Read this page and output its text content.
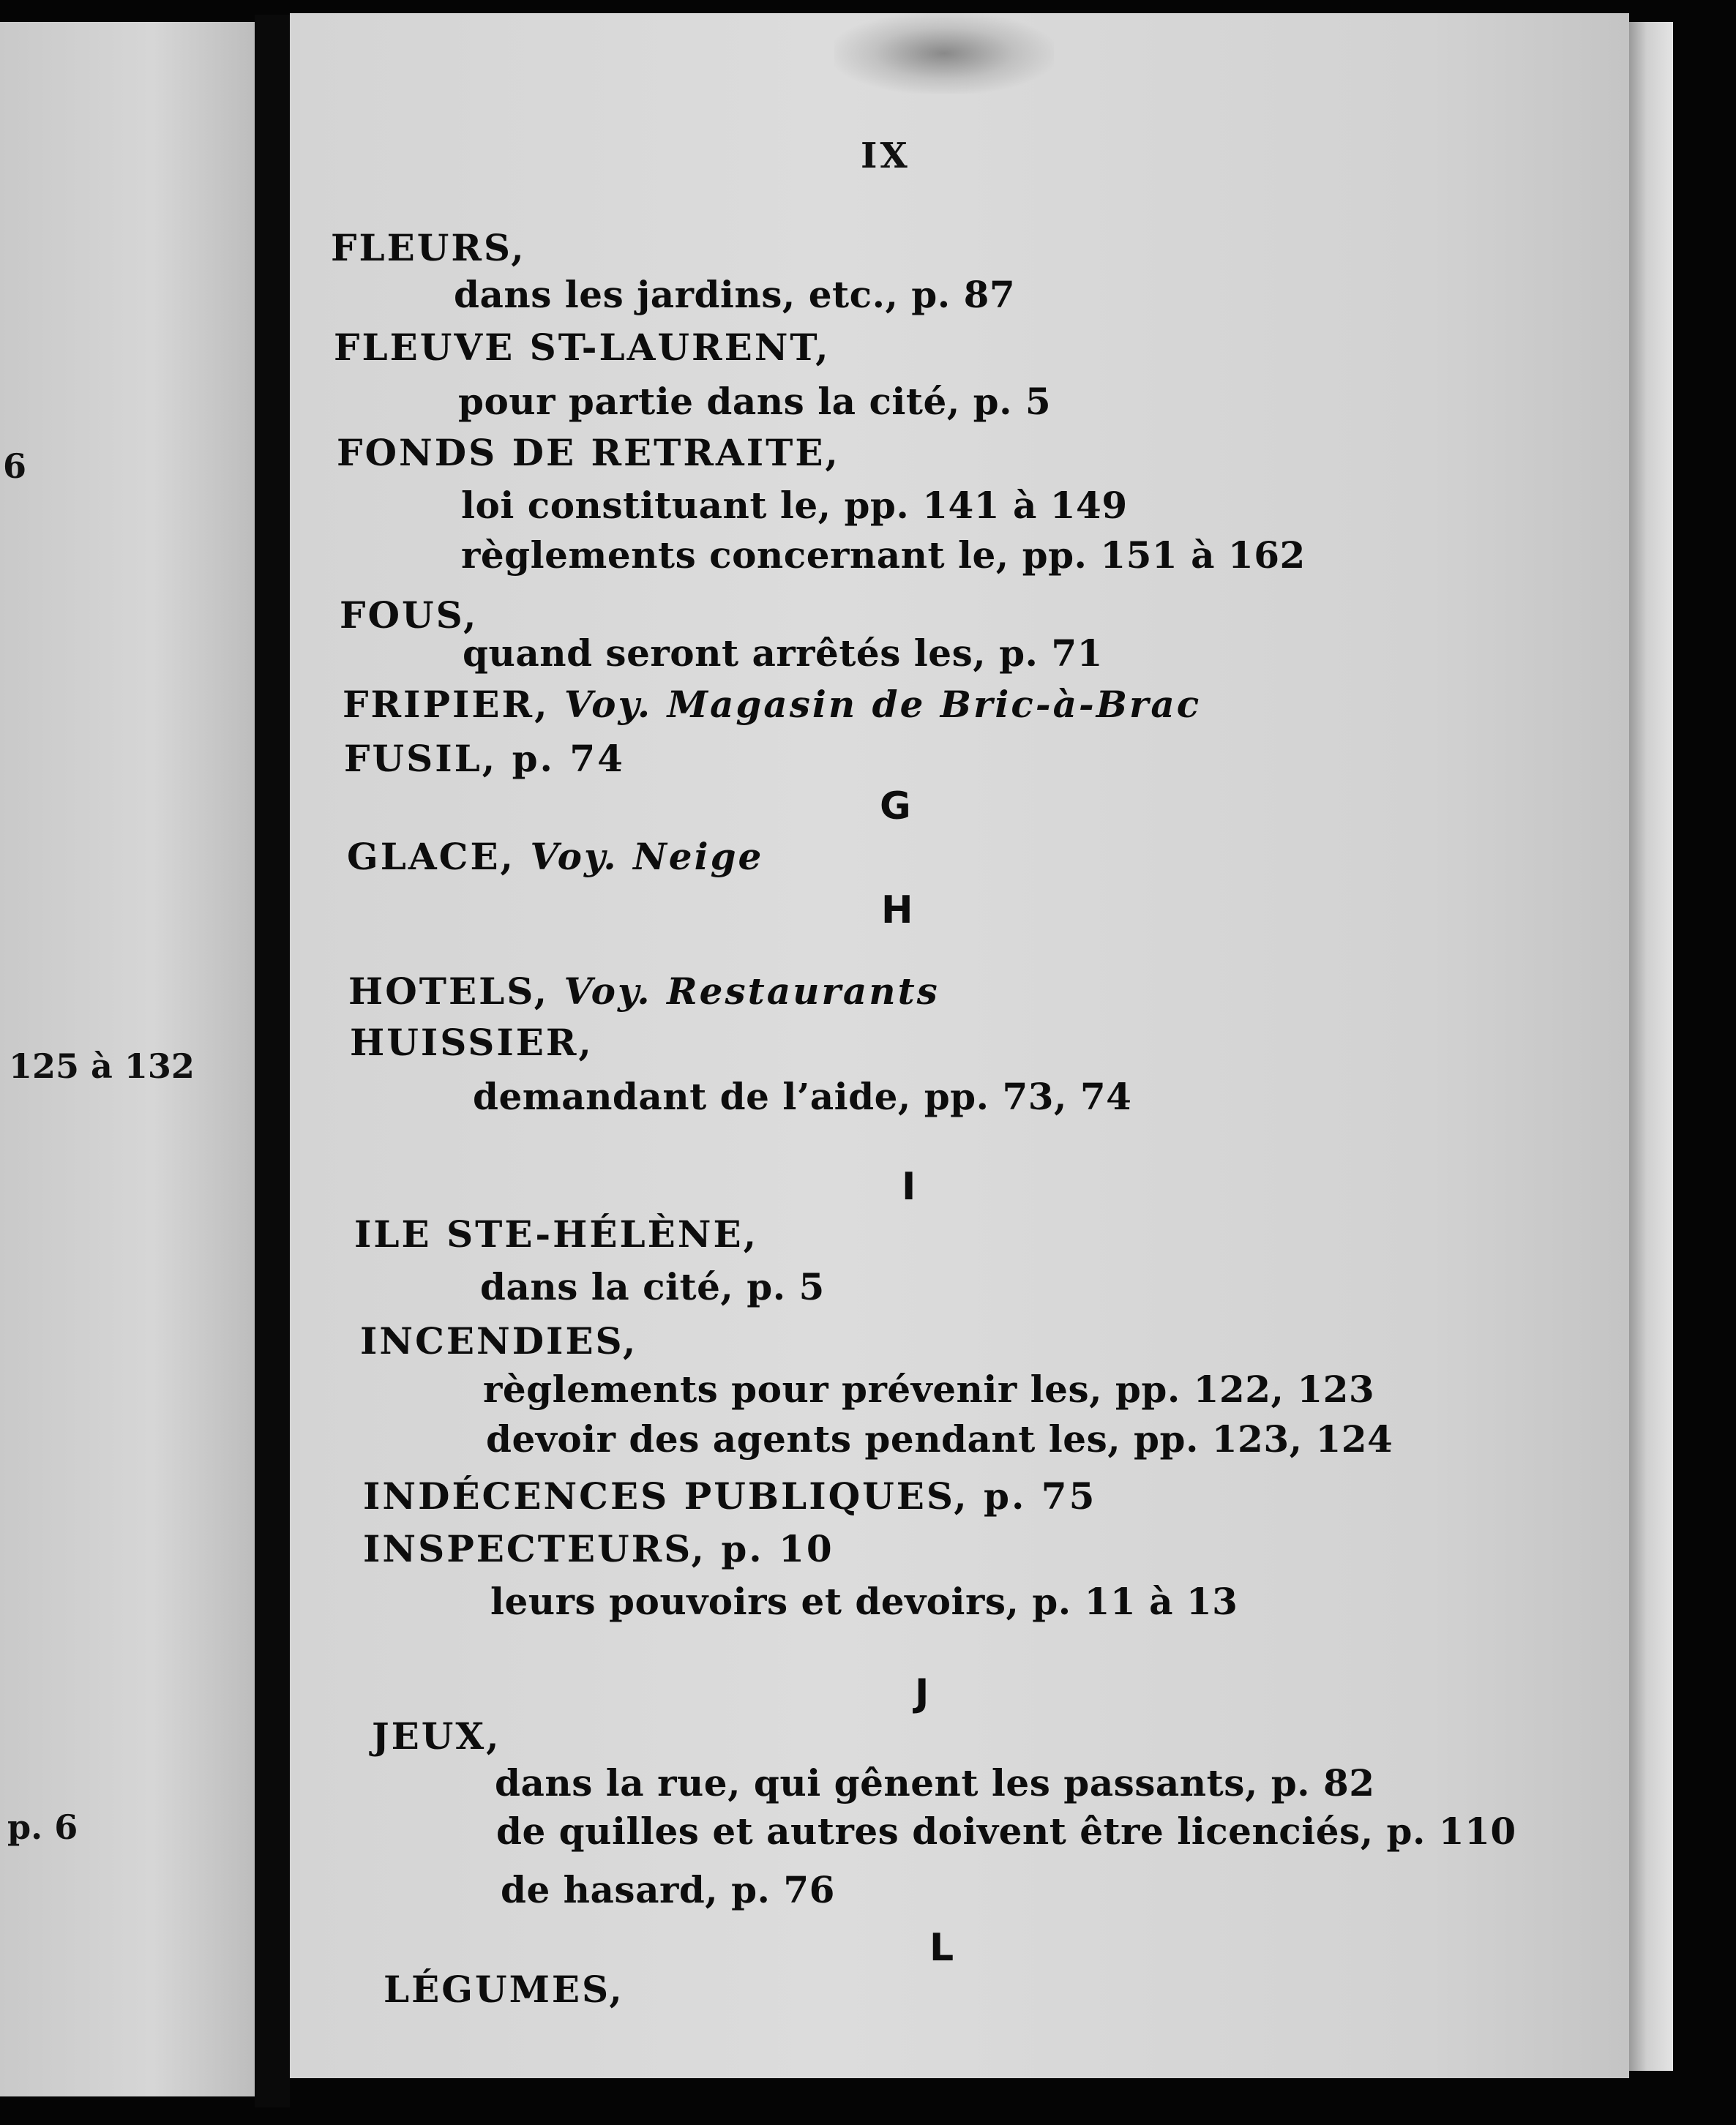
6
125 à 132
p. 6
IX
FLEURS,
dans les jardins, etc., p. 87
FLEUVE ST-LAURENT,
pour partie dans la cité, p. 5
FONDS DE RETRAITE,
loi constituant le, pp. 141 à 149
règlements concernant le, pp. 151 à 162
FOUS,
quand seront arrêtés les, p. 71
FRIPIER, Voy. Magasin de Bric-à-Brac
FUSIL, p. 74
G
GLACE, Voy. Neige
H
HOTELS, Voy. Restaurants
HUISSIER,
demandant de l’aide, pp. 73, 74
I
ILE STE-HÉLÈNE,
dans la cité, p. 5
INCENDIES,
règlements pour prévenir les, pp. 122, 123
devoir des agents pendant les, pp. 123, 124
INDÉCENCES PUBLIQUES, p. 75
INSPECTEURS, p. 10
leurs pouvoirs et devoirs, p. 11 à 13
J
JEUX,
dans la rue, qui gênent les passants, p. 82
de quilles et autres doivent être licenciés, p. 110
de hasard, p. 76
L
LÉGUMES,
